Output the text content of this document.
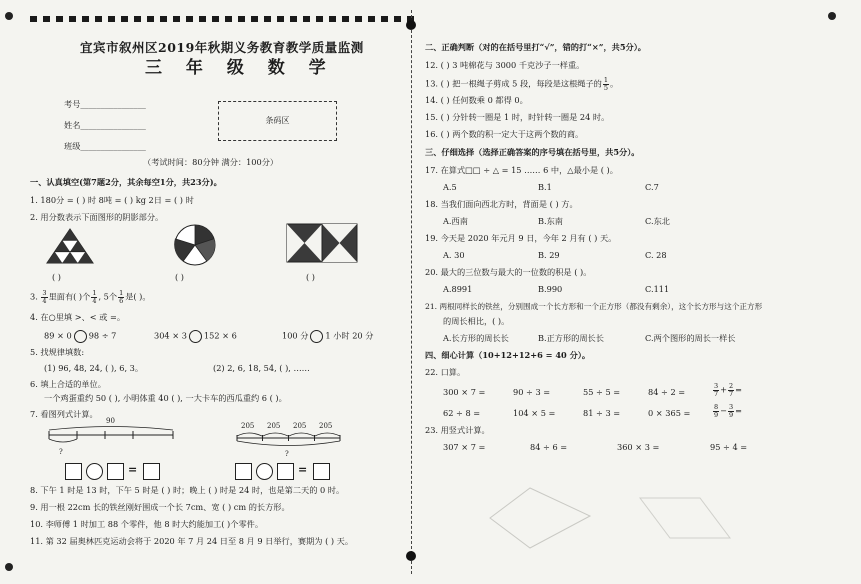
宜宾市叙州区2019年秋期义务教育教学质量监测
三 年 级 数 学
考号________________
姓名________________
班级________________
条码区
（考试时间：80分钟 满分：100分）
一、认真填空(第7题2分，其余每空1分，共23分)。
1. 180分 = ( ) 时 8吨 = ( ) kg 2日 = ( ) 时
2. 用分数表示下面图形的阴影部分。
( )	( )	( )
3. $\frac{3}{4}$ 里面有( )个 $\frac{1}{4}$ , 5个 $\frac{1}{6}$ 是( )。
4. 在○里填 >、< 或 =。
89 × 0 98 ÷ 7	304 × 3 152 × 6	100 分 1 小时 20 分
5. 找规律填数:
(1) 96, 48, 24, ( ), 6, 3。	(2) 2, 6, 18, 54, ( ), ……
6. 填上合适的单位。
一个鸡蛋重约 50 ( ), 小明体重 40 ( ), 一大卡车的西瓜重约 6 ( )。
7. 看图列式计算。
90
?
205 205 205 205
?
=	=
8. 下午 1 时是 13 时，下午 5 时是 ( ) 时；晚上 ( ) 时是 24 时，也是第二天的 0 时。
9. 用一根 22cm 长的铁丝刚好围成一个长 7cm、宽 ( ) cm 的长方形。
10. 李师傅 1 时加工 88 个零件，他 8 时大约能加工( )个零件。
11. 第 32 届奥林匹克运动会将于 2020 年 7 月 24 日至 8 月 9 日举行，赛期为 ( ) 天。
二、正确判断（对的在括号里打“√”，错的打“×”，共5分）。
12. ( ) 3 吨棉花与 3000 千克沙子一样重。
13. ( ) 把一根绳子剪成 5 段，每段是这根绳子的 $\frac{1}{5}$ 。
14. ( ) 任何数乘 0 都得 0。
15. ( ) 分针转一圈是 1 时，时针转一圈是 24 时。
16. ( ) 两个数的积一定大于这两个数的商。
三、仔细选择（选择正确答案的序号填在括号里，共5分）。
17. 在算式□□ ÷ △ = 15 …… 6 中，△最小是 ( )。
A.5	B.1	C.7
18. 当我们面向西北方时，背面是 ( ) 方。
A.西南	B.东南	C.东北
19. 今天是 2020 年元月 9 日，今年 2 月有 ( ) 天。
A. 30	B. 29	C. 28
20. 最大的三位数与最大的一位数的积是 ( )。
A.8991	B.990	C.111
21. 两根同样长的铁丝，分别围成一个长方形和一个正方形（都没有剩余），这个长方形与这个正方形
的周长相比，( )。
A.长方形的周长长	B.正方形的周长长	C.两个图形的周长一样长
四、细心计算（10+12+12+6 = 40 分）。
22. 口算。
300 × 7 =	90 ÷ 3 =	55 ÷ 5 =	84 ÷ 2 =	$\frac{3}{7} + \frac{2}{7}$ =
62 ÷ 8 =	104 × 5 =	81 ÷ 3 =	0 × 365 =	$\frac{8}{9} - \frac{3}{9}$ =
23. 用竖式计算。
307 × 7 =	84 ÷ 6 =	360 × 3 =	95 ÷ 4 =
